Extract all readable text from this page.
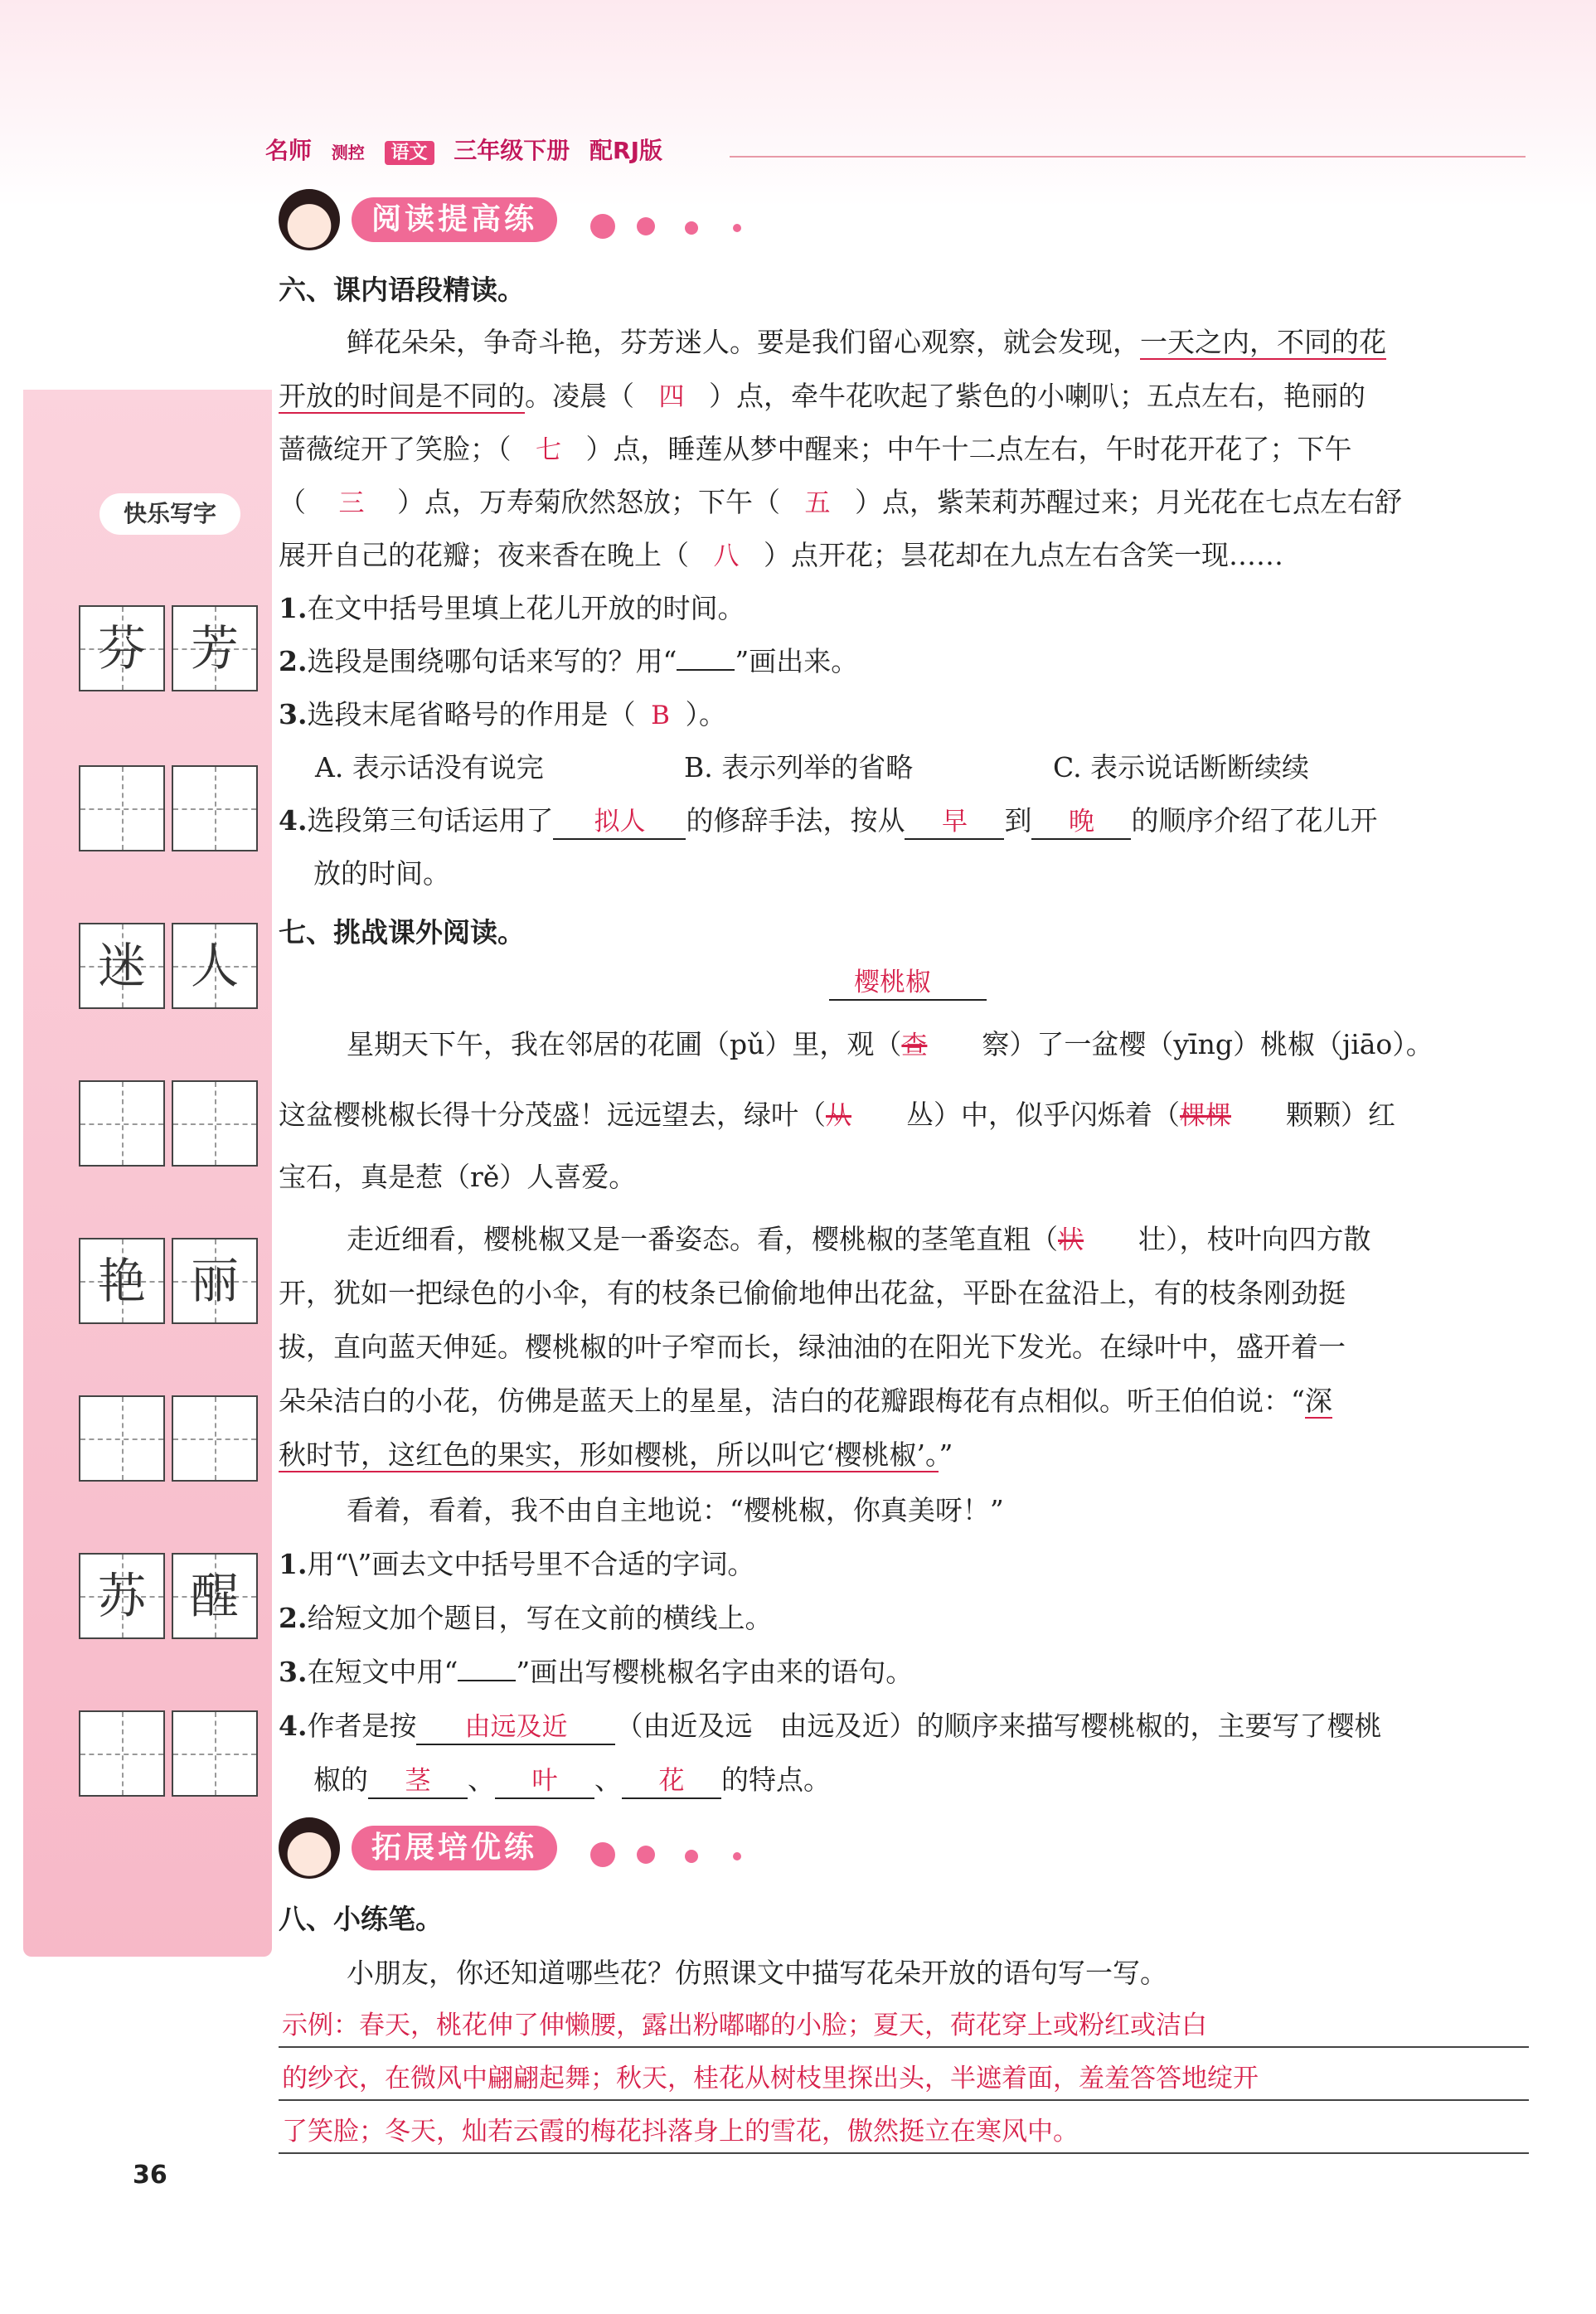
名师 测控 语文 三年级下册 配RJ版
快乐写字
芬 芳
迷 人
艳 丽
苏 醒
阅读提高练
六、课内语段精读。
鲜花朵朵，争奇斗艳，芬芳迷人。要是我们留心观察，就会发现，一天之内，不同的花
开放的时间是不同的。凌晨（ 四 ）点，牵牛花吹起了紫色的小喇叭；五点左右，艳丽的
蔷薇绽开了笑脸；（ 七 ）点，睡莲从梦中醒来；中午十二点左右，午时花开花了；下午
（ 三 ）点，万寿菊欣然怒放；下午（ 五 ）点，紫茉莉苏醒过来；月光花在七点左右舒
展开自己的花瓣；夜来香在晚上（ 八 ）点开花；昙花却在九点左右含笑一现……
1.在文中括号里填上花儿开放的时间。
2.选段是围绕哪句话来写的？用“ ”画出来。
3.选段末尾省略号的作用是（ B ）。
A. 表示话没有说完	B. 表示列举的省略	C. 表示说话断断续续
4.选段第三句话运用了 拟人 的修辞手法，按从 早 到 晚 的顺序介绍了花儿开
放的时间。
七、挑战课外阅读。
樱桃椒
星期天下午，我在邻居的花圃（pǔ）里，观（查　　 察）了一盆樱（yīng）桃椒（jiāo）。
这盆樱桃椒长得十分茂盛！远远望去，绿叶（从　　 丛）中，似乎闪烁着（棵棵　　 颗颗）红
宝石，真是惹（rě）人喜爱。
走近细看，樱桃椒又是一番姿态。看，樱桃椒的茎笔直粗（状　　 壮），枝叶向四方散
开，犹如一把绿色的小伞，有的枝条已偷偷地伸出花盆，平卧在盆沿上，有的枝条刚劲挺
拔，直向蓝天伸延。樱桃椒的叶子窄而长，绿油油的在阳光下发光。在绿叶中，盛开着一
朵朵洁白的小花，仿佛是蓝天上的星星，洁白的花瓣跟梅花有点相似。听王伯伯说：“深
秋时节，这红色的果实，形如樱桃，所以叫它‘樱桃椒’。”
看着，看着，我不由自主地说：“樱桃椒，你真美呀！”
1.用“\”画去文中括号里不合适的字词。
2.给短文加个题目，写在文前的横线上。
3.在短文中用“ ”画出写樱桃椒名字由来的语句。
4.作者是按 由远及近 （由近及远　由远及近）的顺序来描写樱桃椒的，主要写了樱桃
椒的 茎 、 叶 、 花 的特点。
拓展培优练
八、小练笔。
小朋友，你还知道哪些花？仿照课文中描写花朵开放的语句写一写。
示例：春天，桃花伸了伸懒腰，露出粉嘟嘟的小脸；夏天，荷花穿上或粉红或洁白
的纱衣，在微风中翩翩起舞；秋天，桂花从树枝里探出头，半遮着面，羞羞答答地绽开
了笑脸；冬天，灿若云霞的梅花抖落身上的雪花，傲然挺立在寒风中。
36
